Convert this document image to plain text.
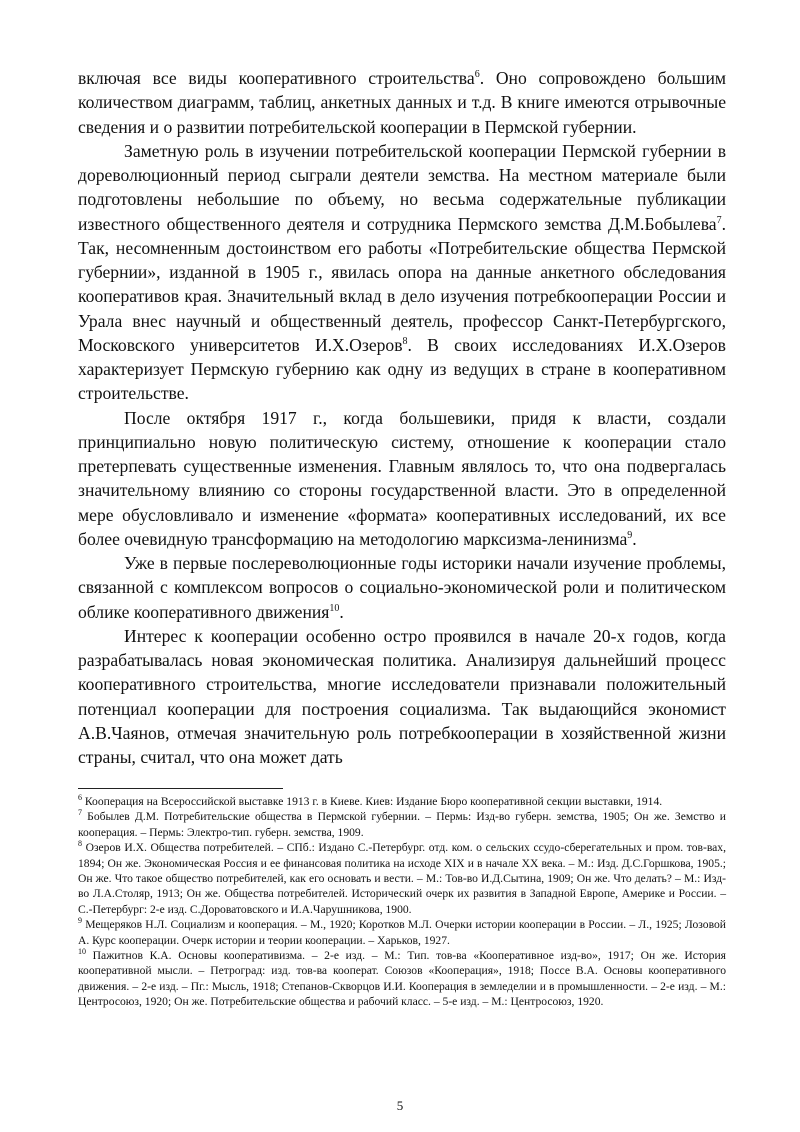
включая все виды кооперативного строительства$^6$. Оно сопровождено большим количеством диаграмм, таблиц, анкетных данных и т.д. В книге имеются отрывочные сведения и о развитии потребительской кооперации в Пермской губернии.

Заметную роль в изучении потребительской кооперации Пермской губернии в дореволюционный период сыграли деятели земства. На местном материале были подготовлены небольшие по объему, но весьма содержательные публикации известного общественного деятеля и сотрудника Пермского земства Д.М.Бобылева$^7$. Так, несомненным достоинством его работы «Потребительские общества Пермской губернии», изданной в 1905 г., явилась опора на данные анкетного обследования кооперативов края. Значительный вклад в дело изучения потребкооперации России и Урала внес научный и общественный деятель, профессор Санкт-Петербургского, Московского университетов И.Х.Озеров$^8$. В своих исследованиях И.Х.Озеров характеризует Пермскую губернию как одну из ведущих в стране в кооперативном строительстве.

После октября 1917 г., когда большевики, придя к власти, создали принципиально новую политическую систему, отношение к кооперации стало претерпевать существенные изменения. Главным являлось то, что она подвергалась значительному влиянию со стороны государственной власти. Это в определенной мере обусловливало и изменение «формата» кооперативных исследований, их все более очевидную трансформацию на методологию марксизма-ленинизма$^9$.

Уже в первые послереволюционные годы историки начали изучение проблемы, связанной с комплексом вопросов о социально-экономической роли и политическом облике кооперативного движения$^{10}$.

Интерес к кооперации особенно остро проявился в начале 20-х годов, когда разрабатывалась новая экономическая политика. Анализируя дальнейший процесс кооперативного строительства, многие исследователи признавали положительный потенциал кооперации для построения социализма. Так выдающийся экономист А.В.Чаянов, отмечая значительную роль потребкооперации в хозяйственной жизни страны, считал, что она может дать

$^6$ Кооперация на Всероссийской выставке 1913 г. в Киеве. Киев: Издание Бюро кооперативной секции выставки, 1914.

$^7$ Бобылев Д.М. Потребительские общества в Пермской губернии. – Пермь: Изд-во губерн. земства, 1905; Он же. Земство и кооперация. – Пермь: Электро-тип. губерн. земства, 1909.

$^8$ Озеров И.Х. Общества потребителей. – СПб.: Издано С.-Петербург. отд. ком. о сельских ссудо-сберегательных и пром. тов-вах, 1894; Он же. Экономическая Россия и ее финансовая политика на исходе XIX и в начале XX века. – М.: Изд. Д.С.Горшкова, 1905.; Он же. Что такое общество потребителей, как его основать и вести. – М.: Тов-во И.Д.Сытина, 1909; Он же. Что делать? – М.: Изд-во Л.А.Столяр, 1913; Он же. Общества потребителей. Исторический очерк их развития в Западной Европе, Америке и России. – С.-Петербург: 2-е изд. С.Дороватовского и И.А.Чарушникова, 1900.

$^9$ Мещеряков Н.Л. Социализм и кооперация. – М., 1920; Коротков М.Л. Очерки истории кооперации в России. – Л., 1925; Лозовой А. Курс кооперации. Очерк истории и теории кооперации. – Харьков, 1927.

$^{10}$ Пажитнов К.А. Основы кооперативизма. – 2-е изд. – М.: Тип. тов-ва «Кооперативное изд-во», 1917; Он же. История кооперативной мысли. – Петроград: изд. тов-ва кооперат. Союзов «Кооперация», 1918; Поссе В.А. Основы кооперативного движения. – 2-е изд. – Пг.: Мысль, 1918; Степанов-Скворцов И.И. Кооперация в земледелии и в промышленности. – 2-е изд. – М.: Центросоюз, 1920; Он же. Потребительские общества и рабочий класс. – 5-е изд. – М.: Центросоюз, 1920.

5
